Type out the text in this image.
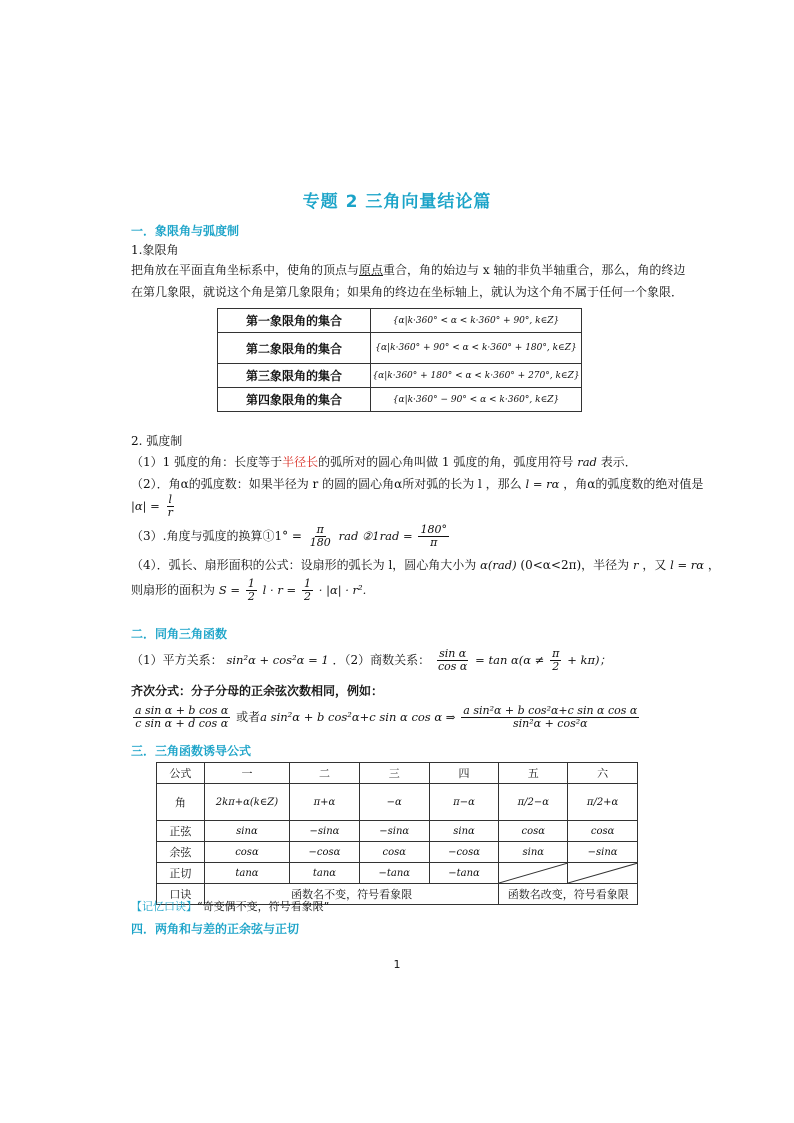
专题 2 三角向量结论篇
一．象限角与弧度制
1.象限角
把角放在平面直角坐标系中，使角的顶点与原点重合，角的始边与 x 轴的非负半轴重合，那么，角的终边
在第几象限，就说这个角是第几象限角；如果角的终边在坐标轴上，就认为这个角不属于任何一个象限．
第一象限角的集合	{α|k·360° < α < k·360° + 90°, k∈Z}
第二象限角的集合	{α|k·360° + 90° < α < k·360° + 180°, k∈Z}
第三象限角的集合	{α|k·360° + 180° < α < k·360° + 270°, k∈Z}
第四象限角的集合	{α|k·360° − 90° < α < k·360°, k∈Z}
2. 弧度制
（1）1 弧度的角：长度等于半径长的弧所对的圆心角叫做 1 弧度的角，弧度用符号 rad 表示．
（2）．角α的弧度数：如果半径为 r 的圆的圆心角α所对弧的长为 l ，那么 l = rα ，角α的弧度数的绝对值是
$|\alpha| = \frac{l}{r}$
（3）.角度与弧度的换算①1° = $\frac{\pi}{180}$ rad ②1rad = $\frac{180^\circ}{\pi}$
（4）．弧长、扇形面积的公式：设扇形的弧长为 l，圆心角大小为 α(rad) (0<α<2π)，半径为 r ，又 l = rα ，
则扇形的面积为 $S = \frac{1}{2}$ $l \cdot r = \frac{1}{2} \cdot |\alpha| \cdot r^2$.
二．同角三角函数
（1）平方关系： sin²α + cos²α = 1 ．（2）商数关系： $\frac{\text{sin α}}{\text{cos α}} = \tan \alpha(\alpha \ne \frac{\pi}{2} + k\pi)$；
齐次分式：分子分母的正余弦次数相同，例如：
$\frac{\text{a sin α + b cos α}}{\text{c sin α + d cos α}}$ 或者a sin²α + b cos²α+c sin α cos α ⇒ $\frac{\text{a sin²α + b cos²α+c sin α cos α}}{\text{sin²α + cos²α}}$
三．三角函数诱导公式
公式	一	二	三	四	五	六
角	2kπ+α(k∈Z)	π+α	−α	π−α	π/2−α	π/2+α
正弦	sinα	−sinα	−sinα	sinα	cosα	cosα
余弦	cosα	−cosα	cosα	−cosα	sinα	−sinα
正切	tanα	tanα	−tanα	−tanα	

口诀	函数名不变，符号看象限				函数名改变，符号看象限	
【记忆口诀】“奇变偶不变，符号看象限”
四．两角和与差的正余弦与正切
1
